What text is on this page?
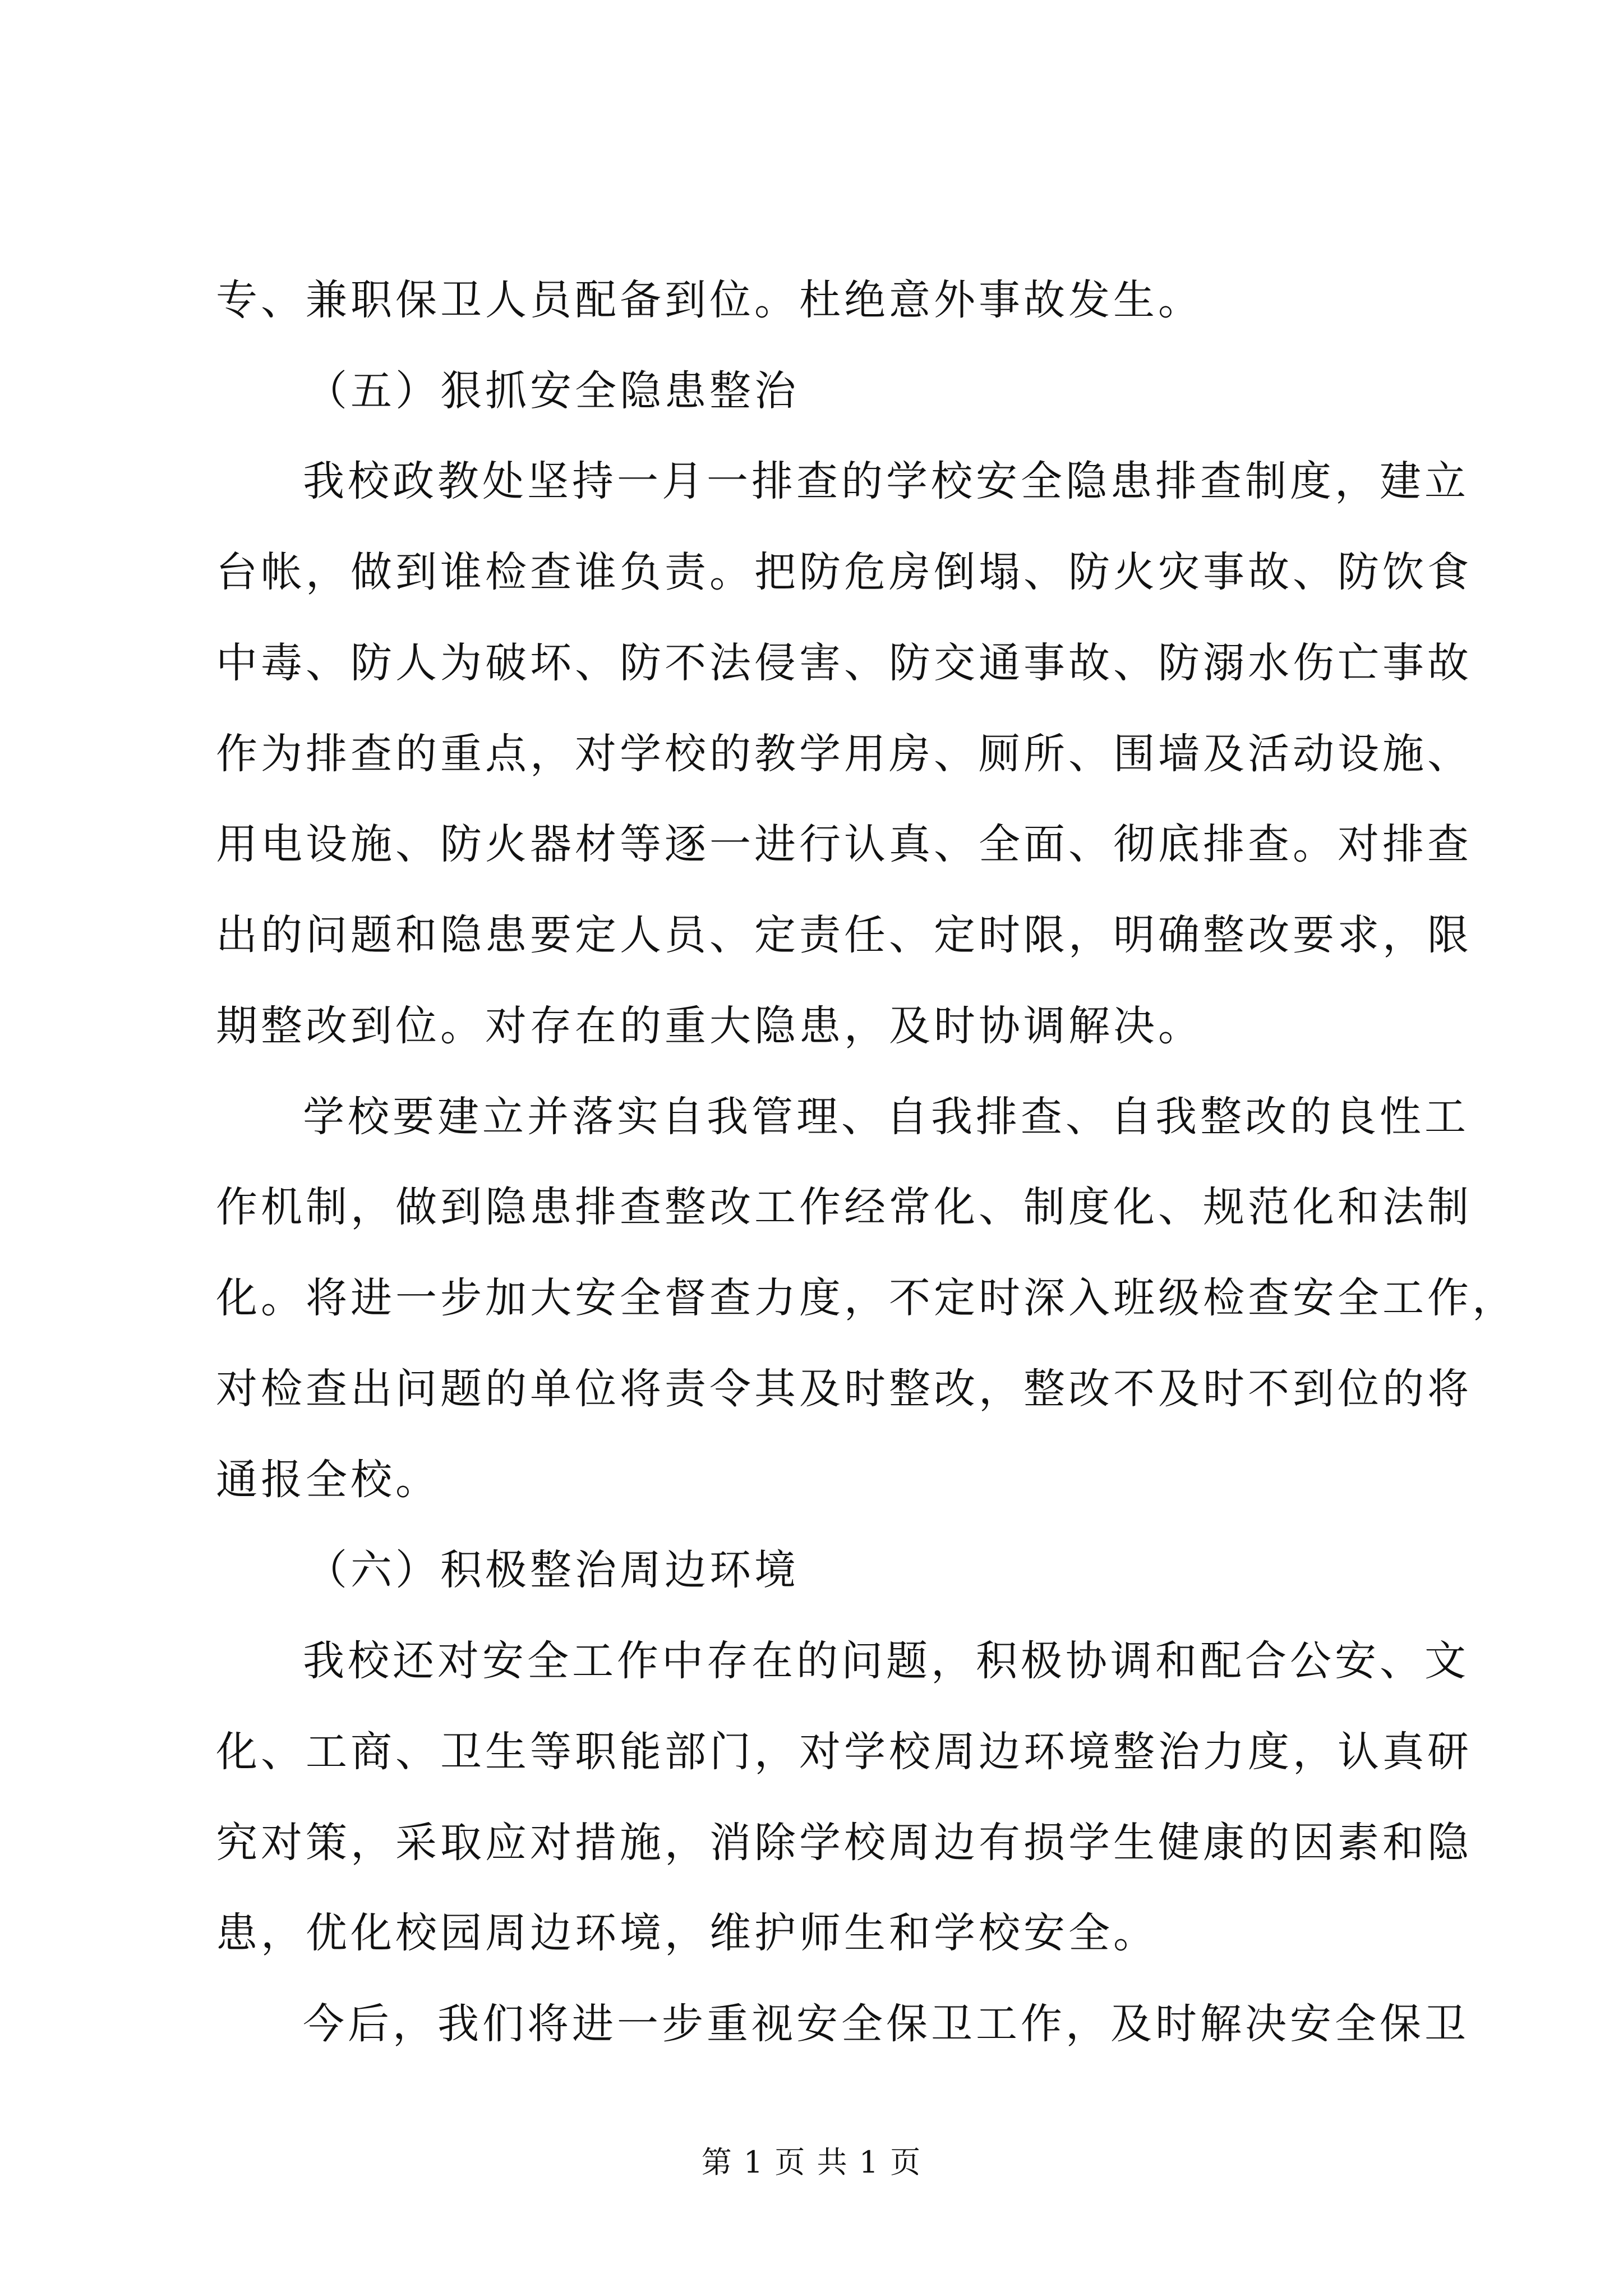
专、兼职保卫人员配备到位。杜绝意外事故发生。

（五）狠抓安全隐患整治

我校政教处坚持一月一排查的学校安全隐患排查制度，建立

台帐，做到谁检查谁负责。把防危房倒塌、防火灾事故、防饮食

中毒、防人为破坏、防不法侵害、防交通事故、防溺水伤亡事故

作为排查的重点，对学校的教学用房、厕所、围墙及活动设施、

用电设施、防火器材等逐一进行认真、全面、彻底排查。对排查

出的问题和隐患要定人员、定责任、定时限，明确整改要求，限

期整改到位。对存在的重大隐患，及时协调解决。

学校要建立并落实自我管理、自我排查、自我整改的良性工

作机制，做到隐患排查整改工作经常化、制度化、规范化和法制

化。将进一步加大安全督查力度，不定时深入班级检查安全工作，

对检查出问题的单位将责令其及时整改，整改不及时不到位的将

通报全校。

（六）积极整治周边环境

我校还对安全工作中存在的问题，积极协调和配合公安、文

化、工商、卫生等职能部门，对学校周边环境整治力度，认真研

究对策，采取应对措施，消除学校周边有损学生健康的因素和隐

患，优化校园周边环境，维护师生和学校安全。

今后，我们将进一步重视安全保卫工作，及时解决安全保卫

第 1 页 共 1 页
